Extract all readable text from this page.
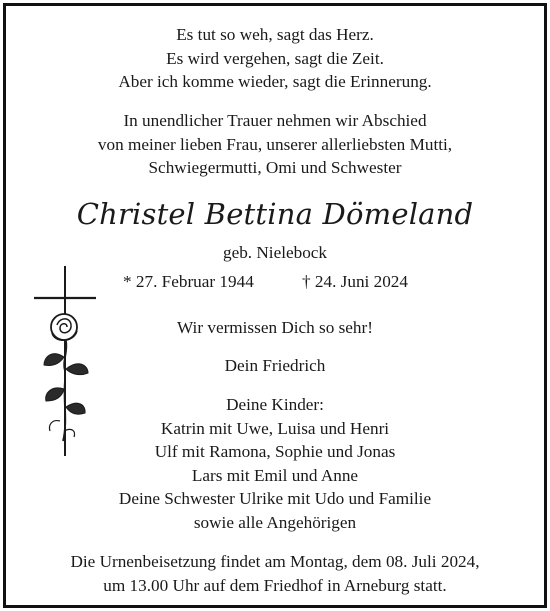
Es tut so weh, sagt das Herz.
Es wird vergehen, sagt die Zeit.
Aber ich komme wieder, sagt die Erinnerung.
In unendlicher Trauer nehmen wir Abschied
von meiner lieben Frau, unserer allerliebsten Mutti,
Schwiegermutti, Omi und Schwester
Christel Bettina Dömeland
geb. Nielebock
* 27. Februar 1944	† 24. Juni 2024
Wir vermissen Dich so sehr!
Dein Friedrich
Deine Kinder:
Katrin mit Uwe, Luisa und Henri
Ulf mit Ramona, Sophie und Jonas
Lars mit Emil und Anne
Deine Schwester Ulrike mit Udo und Familie
sowie alle Angehörigen
Die Urnenbeisetzung findet am Montag, dem 08. Juli 2024,
um 13.00 Uhr auf dem Friedhof in Arneburg statt.
